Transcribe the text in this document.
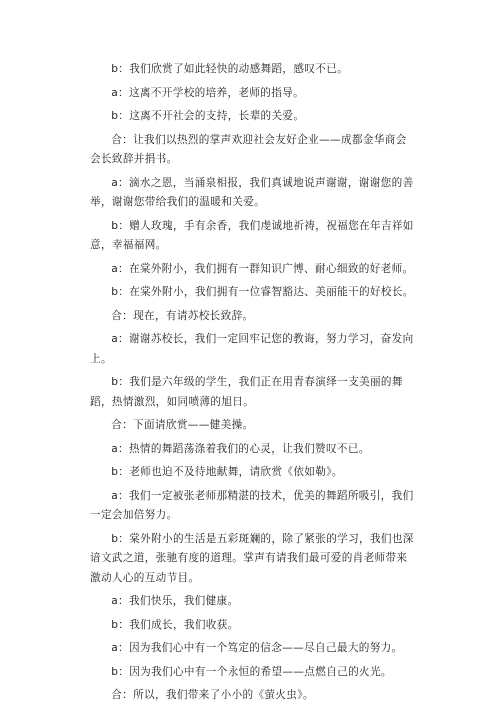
b：我们欣赏了如此轻快的动感舞蹈，感叹不已。

a：这离不开学校的培养，老师的指导。

b：这离不开社会的支持，长辈的关爱。

合：让我们以热烈的掌声欢迎社会友好企业——成都金华商会会长致辞并捐书。

a：滴水之恩，当涌泉相报，我们真诚地说声谢谢，谢谢您的善举，谢谢您带给我们的温暖和关爱。

b：赠人玫瑰，手有余香，我们虔诚地祈祷，祝福您在年吉祥如意，幸福福网。

a：在棠外附小，我们拥有一群知识广博、耐心细致的好老师。

b：在棠外附小，我们拥有一位睿智豁达、美丽能干的好校长。

合：现在，有请苏校长致辞。

a：谢谢苏校长，我们一定回牢记您的教诲，努力学习，奋发向上。

b：我们是六年级的学生，我们正在用青春演绎一支美丽的舞蹈，热情激烈，如同喷薄的旭日。

合：下面请欣赏——健美操。

a：热情的舞蹈荡涤着我们的心灵，让我们赞叹不已。

b：老师也迫不及待地献舞，请欣赏《依如勒》。

a：我们一定被张老师那精湛的技术，优美的舞蹈所吸引，我们一定会加倍努力。

b：棠外附小的生活是五彩斑斓的，除了紧张的学习，我们也深谙文武之道，张驰有度的道理。掌声有请我们最可爱的肖老师带来激动人心的互动节目。

a：我们快乐，我们健康。

b：我们成长，我们收获。

a：因为我们心中有一个笃定的信念——尽自己最大的努力。

b：因为我们心中有一个永恒的希望——点燃自己的火光。

合：所以，我们带来了小小的《萤火虫》。
